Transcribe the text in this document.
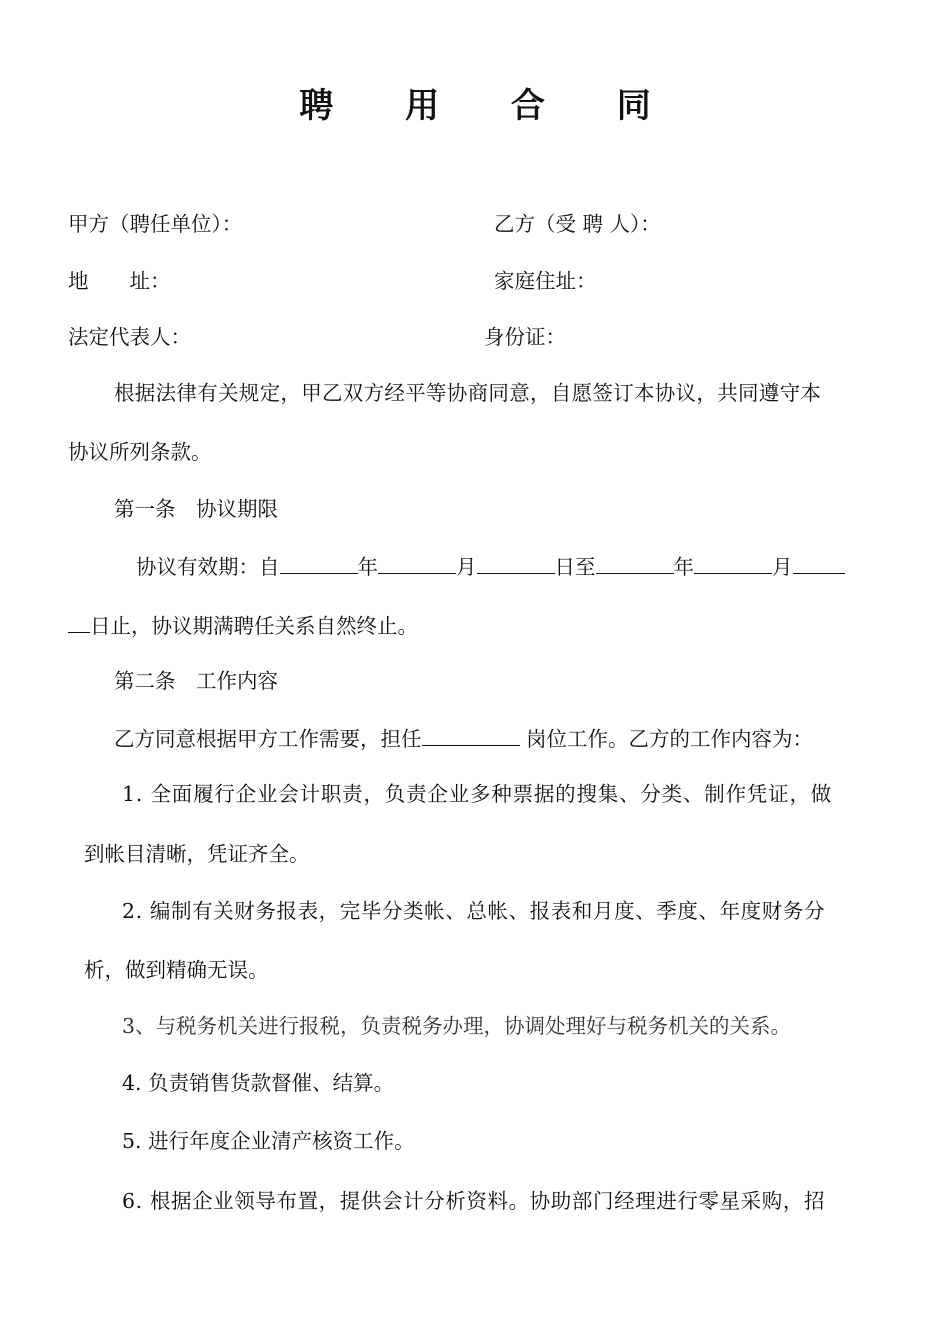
聘 用 合 同
甲方（聘任单位）：	乙方（受 聘 人）：
地　　址：	家庭住址：
法定代表人：	身份证：
根据法律有关规定，甲乙双方经平等协商同意，自愿签订本协议，共同遵守本
协议所列条款。
第一条　协议期限
协议有效期：自	年	月	日至	年	月
日止，协议期满聘任关系自然终止。
第二条　工作内容
乙方同意根据甲方工作需要，担任	岗位工作。乙方的工作内容为：
1. 全面履行企业会计职责，负责企业多种票据的搜集、分类、制作凭证，做
到帐目清晰，凭证齐全。
2. 编制有关财务报表，完毕分类帐、总帐、报表和月度、季度、年度财务分
析，做到精确无误。
3、与税务机关进行报税，负责税务办理，协调处理好与税务机关的关系。
4. 负责销售货款督催、结算。
5. 进行年度企业清产核资工作。
6. 根据企业领导布置，提供会计分析资料。协助部门经理进行零星采购，招
